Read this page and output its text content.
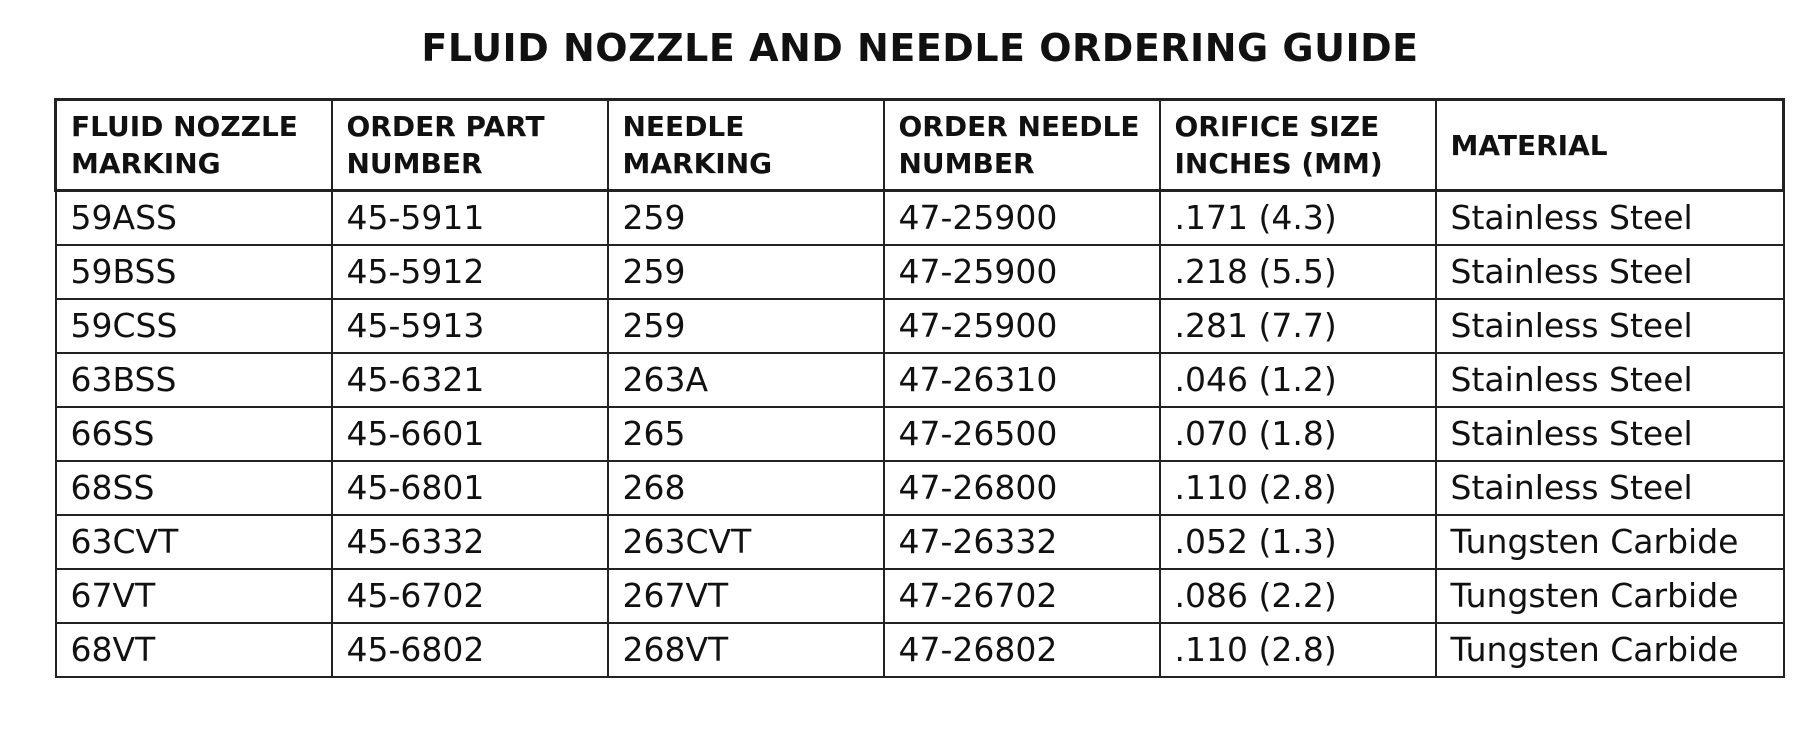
FLUID NOZZLE AND NEEDLE ORDERING GUIDE
FLUID NOZZLE MARKING	ORDER PART NUMBER	NEEDLE MARKING	ORDER NEEDLE NUMBER	ORIFICE SIZE INCHES (MM)	MATERIAL
59ASS	45-5911	259	47-25900	.171 (4.3)	Stainless Steel
59BSS	45-5912	259	47-25900	.218 (5.5)	Stainless Steel
59CSS	45-5913	259	47-25900	.281 (7.7)	Stainless Steel
63BSS	45-6321	263A	47-26310	.046 (1.2)	Stainless Steel
66SS	45-6601	265	47-26500	.070 (1.8)	Stainless Steel
68SS	45-6801	268	47-26800	.110 (2.8)	Stainless Steel
63CVT	45-6332	263CVT	47-26332	.052 (1.3)	Tungsten Carbide
67VT	45-6702	267VT	47-26702	.086 (2.2)	Tungsten Carbide
68VT	45-6802	268VT	47-26802	.110 (2.8)	Tungsten Carbide
